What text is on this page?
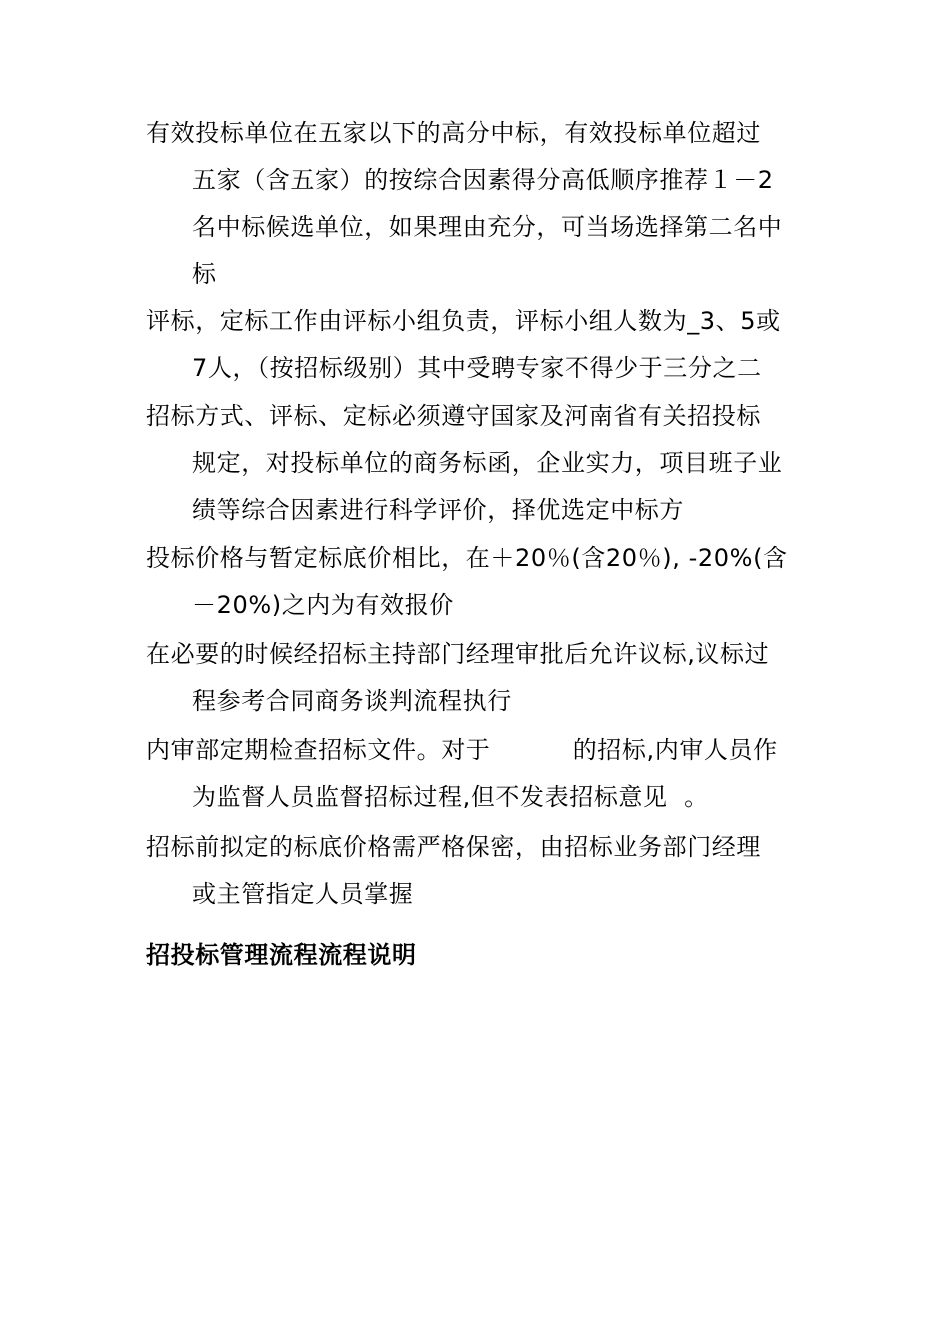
有效投标单位在五家以下的高分中标，有效投标单位超过
五家（含五家）的按综合因素得分高低顺序推荐１－2
名中标候选单位，如果理由充分，可当场选择第二名中
标
评标，定标工作由评标小组负责，评标小组人数为_3、5或
7人，（按招标级别）其中受聘专家不得少于三分之二
招标方式、评标、定标必须遵守国家及河南省有关招投标
规定，对投标单位的商务标函，企业实力，项目班子业
绩等综合因素进行科学评价，择优选定中标方
投标价格与暂定标底价相比，在＋20％(含20％), -20%(含
－20%)之内为有效报价
在必要的时候经招标主持部门经理审批后允许议标,议标过
程参考合同商务谈判流程执行
内审部定期检查招标文件。对于          的招标,内审人员作
为监督人员监督招标过程,但不发表招标意见  。
招标前拟定的标底价格需严格保密，由招标业务部门经理
或主管指定人员掌握
招投标管理流程流程说明
